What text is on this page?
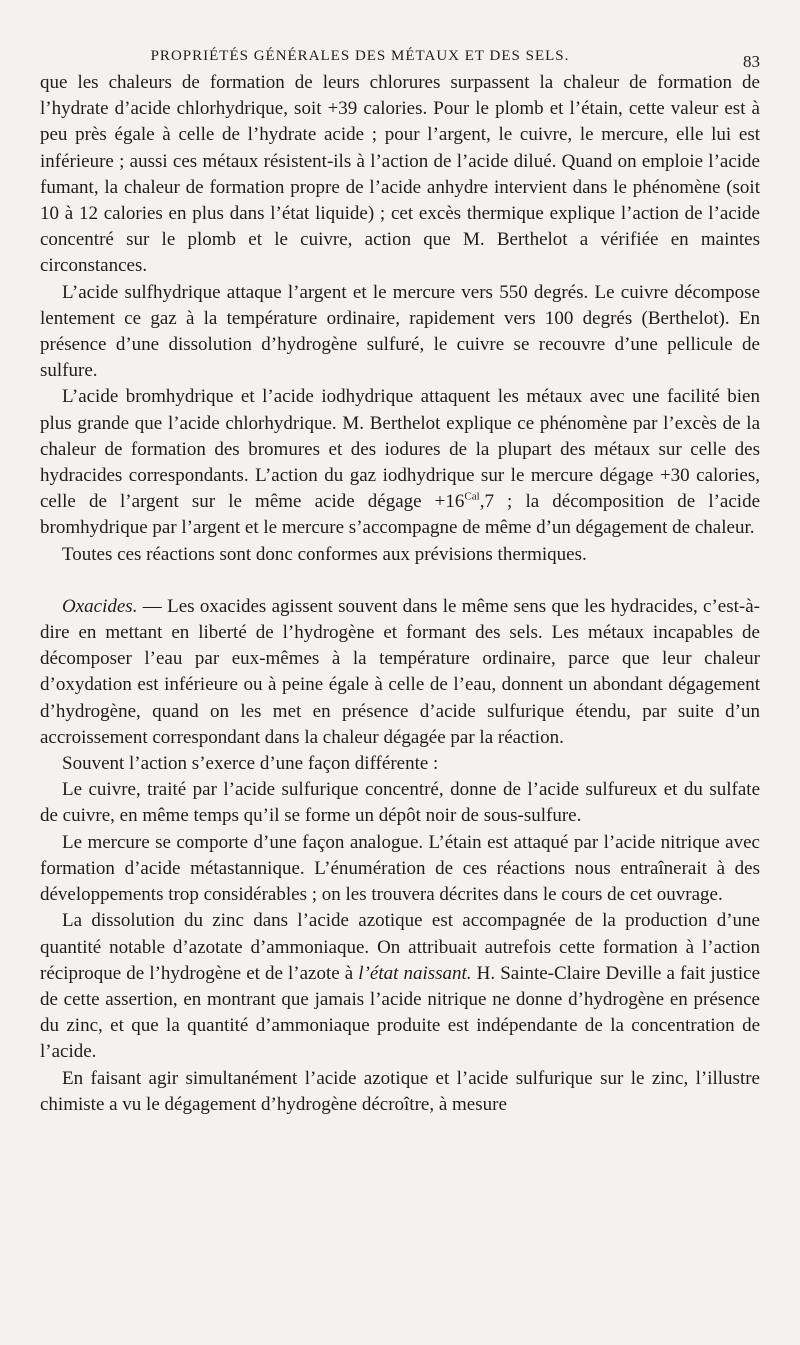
PROPRIÉTÉS GÉNÉRALES DES MÉTAUX ET DES SELS.	83

que les chaleurs de formation de leurs chlorures surpassent la chaleur de formation de l’hydrate d’acide chlorhydrique, soit +39 calories. Pour le plomb et l’étain, cette valeur est à peu près égale à celle de l’hydrate acide ; pour l’argent, le cuivre, le mercure, elle lui est inférieure ; aussi ces métaux résistent-ils à l’action de l’acide dilué. Quand on emploie l’acide fumant, la chaleur de formation propre de l’acide anhydre intervient dans le phénomène (soit 10 à 12 calories en plus dans l’état liquide) ; cet excès thermique explique l’action de l’acide concentré sur le plomb et le cuivre, action que M. Berthelot a vérifiée en maintes circonstances.

L’acide sulfhydrique attaque l’argent et le mercure vers 550 degrés. Le cuivre décompose lentement ce gaz à la température ordinaire, rapidement vers 100 degrés (Berthelot). En présence d’une dissolution d’hydrogène sulfuré, le cuivre se recouvre d’une pellicule de sulfure.

L’acide bromhydrique et l’acide iodhydrique attaquent les métaux avec une facilité bien plus grande que l’acide chlorhydrique. M. Berthelot explique ce phénomène par l’excès de la chaleur de formation des bromures et des iodures de la plupart des métaux sur celle des hydracides correspondants. L’action du gaz iodhydrique sur le mercure dégage +30 calories, celle de l’argent sur le même acide dégage $+16^{Cal},7$ ; la décomposition de l’acide bromhydrique par l’argent et le mercure s’accompagne de même d’un dégagement de chaleur.

Toutes ces réactions sont donc conformes aux prévisions thermiques.

Oxacides. — Les oxacides agissent souvent dans le même sens que les hydracides, c’est-à-dire en mettant en liberté de l’hydrogène et formant des sels. Les métaux incapables de décomposer l’eau par eux-mêmes à la température ordinaire, parce que leur chaleur d’oxydation est inférieure ou à peine égale à celle de l’eau, donnent un abondant dégagement d’hydrogène, quand on les met en présence d’acide sulfurique étendu, par suite d’un accroissement correspondant dans la chaleur dégagée par la réaction.

Souvent l’action s’exerce d’une façon différente :

Le cuivre, traité par l’acide sulfurique concentré, donne de l’acide sulfureux et du sulfate de cuivre, en même temps qu’il se forme un dépôt noir de sous-sulfure.

Le mercure se comporte d’une façon analogue. L’étain est attaqué par l’acide nitrique avec formation d’acide métastannique. L’énumération de ces réactions nous entraînerait à des développements trop considérables ; on les trouvera décrites dans le cours de cet ouvrage.

La dissolution du zinc dans l’acide azotique est accompagnée de la production d’une quantité notable d’azotate d’ammoniaque. On attribuait autrefois cette formation à l’action réciproque de l’hydrogène et de l’azote à l’état naissant. H. Sainte-Claire Deville a fait justice de cette assertion, en montrant que jamais l’acide nitrique ne donne d’hydrogène en présence du zinc, et que la quantité d’ammoniaque produite est indépendante de la concentration de l’acide.

En faisant agir simultanément l’acide azotique et l’acide sulfurique sur le zinc, l’illustre chimiste a vu le dégagement d’hydrogène décroître, à mesure
